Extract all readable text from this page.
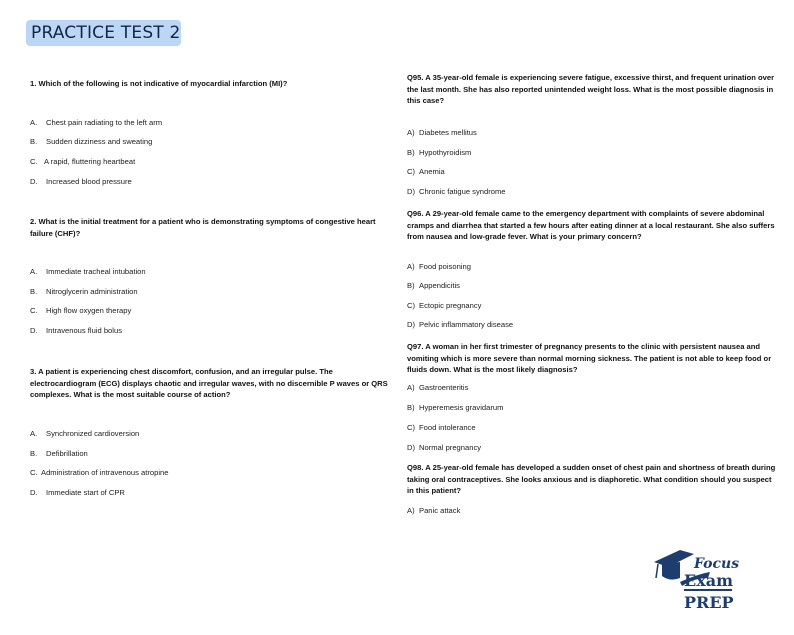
PRACTICE TEST 2
1. Which of the following is not indicative of myocardial infarction (MI)?
A. Chest pain radiating to the left arm
B. Sudden dizziness and sweating
C. A rapid, fluttering heartbeat
D. Increased blood pressure
2. What is the initial treatment for a patient who is demonstrating symptoms of congestive heart failure (CHF)?
A. Immediate tracheal intubation
B. Nitroglycerin administration
C. High flow oxygen therapy
D. Intravenous fluid bolus
3. A patient is experiencing chest discomfort, confusion, and an irregular pulse. The electrocardiogram (ECG) displays chaotic and irregular waves, with no discernible P waves or QRS complexes. What is the most suitable course of action?
A. Synchronized cardioversion
B. Defibrillation
C. Administration of intravenous atropine
D. Immediate start of CPR
Q95. A 35-year-old female is experiencing severe fatigue, excessive thirst, and frequent urination over the last month. She has also reported unintended weight loss. What is the most possible diagnosis in this case?
A) Diabetes mellitus
B) Hypothyroidism
C) Anemia
D) Chronic fatigue syndrome
Q96. A 29-year-old female came to the emergency department with complaints of severe abdominal cramps and diarrhea that started a few hours after eating dinner at a local restaurant. She also suffers from nausea and low-grade fever. What is your primary concern?
A) Food poisoning
B) Appendicitis
C) Ectopic pregnancy
D) Pelvic inflammatory disease
Q97. A woman in her first trimester of pregnancy presents to the clinic with persistent nausea and vomiting which is more severe than normal morning sickness. The patient is not able to keep food or fluids down. What is the most likely diagnosis?
A) Gastroenteritis
B) Hyperemesis gravidarum
C) Food intolerance
D) Normal pregnancy
Q98. A 25-year-old female has developed a sudden onset of chest pain and shortness of breath during taking oral contraceptives. She looks anxious and is diaphoretic. What condition should you suspect in this patient?
A) Panic attack
Focus
Exam
PREP
